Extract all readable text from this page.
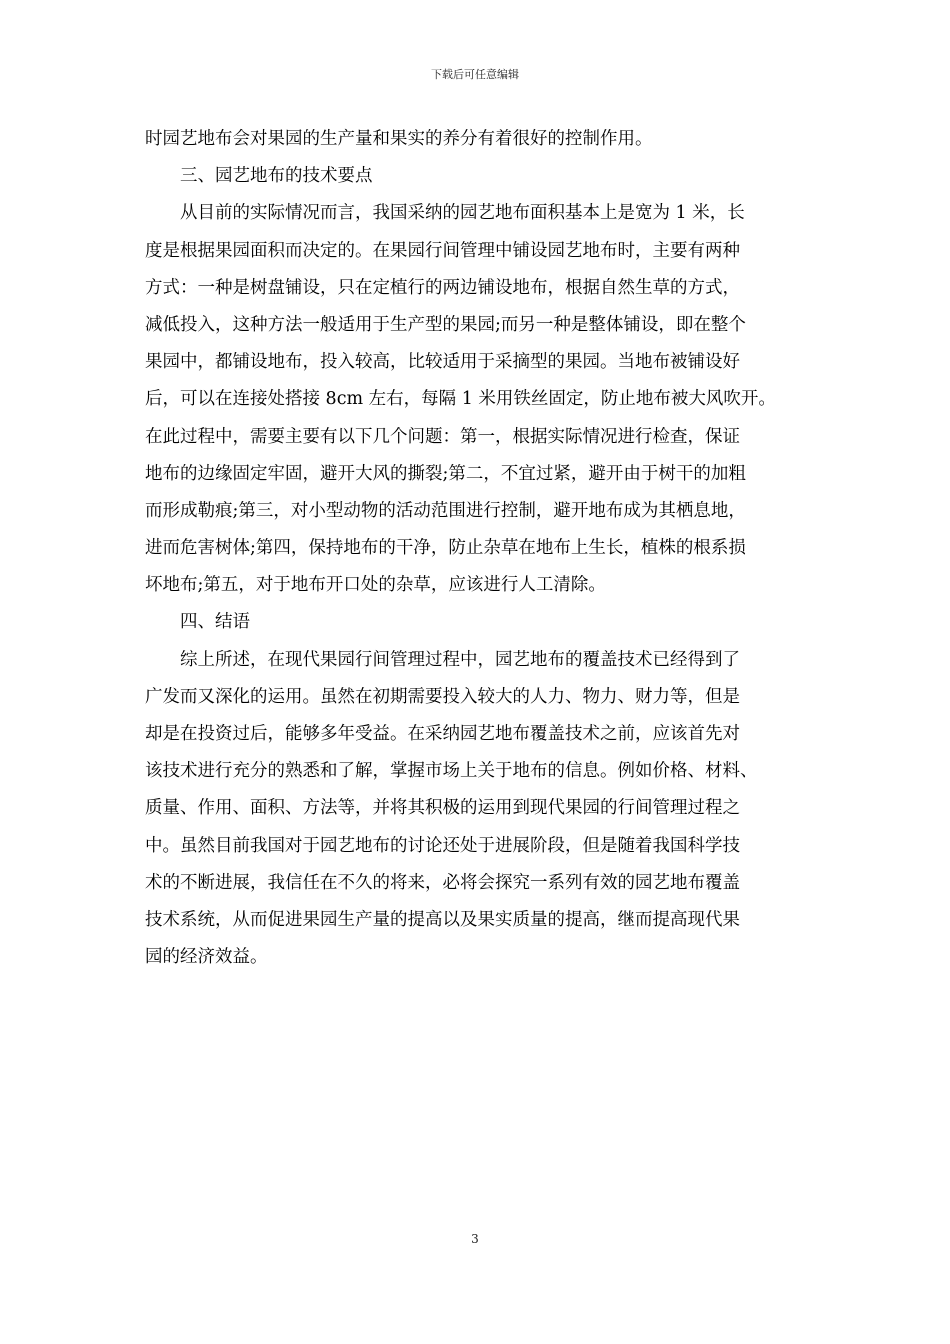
下载后可任意编辑
时园艺地布会对果园的生产量和果实的养分有着很好的控制作用。
　　三、园艺地布的技术要点
　　从目前的实际情况而言，我国采纳的园艺地布面积基本上是宽为 1 米，长
度是根据果园面积而决定的。在果园行间管理中铺设园艺地布时，主要有两种
方式：一种是树盘铺设，只在定植行的两边铺设地布，根据自然生草的方式，
减低投入，这种方法一般适用于生产型的果园;而另一种是整体铺设，即在整个
果园中，都铺设地布，投入较高，比较适用于采摘型的果园。当地布被铺设好
后，可以在连接处搭接 8cm 左右，每隔 1 米用铁丝固定，防止地布被大风吹开。
在此过程中，需要主要有以下几个问题：第一，根据实际情况进行检查，保证
地布的边缘固定牢固，避开大风的撕裂;第二，不宜过紧，避开由于树干的加粗
而形成勒痕;第三，对小型动物的活动范围进行控制，避开地布成为其栖息地，
进而危害树体;第四，保持地布的干净，防止杂草在地布上生长，植株的根系损
坏地布;第五，对于地布开口处的杂草，应该进行人工清除。
　　四、结语
　　综上所述，在现代果园行间管理过程中，园艺地布的覆盖技术已经得到了
广发而又深化的运用。虽然在初期需要投入较大的人力、物力、财力等，但是
却是在投资过后，能够多年受益。在采纳园艺地布覆盖技术之前，应该首先对
该技术进行充分的熟悉和了解，掌握市场上关于地布的信息。例如价格、材料、
质量、作用、面积、方法等，并将其积极的运用到现代果园的行间管理过程之
中。虽然目前我国对于园艺地布的讨论还处于进展阶段，但是随着我国科学技
术的不断进展，我信任在不久的将来，必将会探究一系列有效的园艺地布覆盖
技术系统，从而促进果园生产量的提高以及果实质量的提高，继而提高现代果
园的经济效益。
3
